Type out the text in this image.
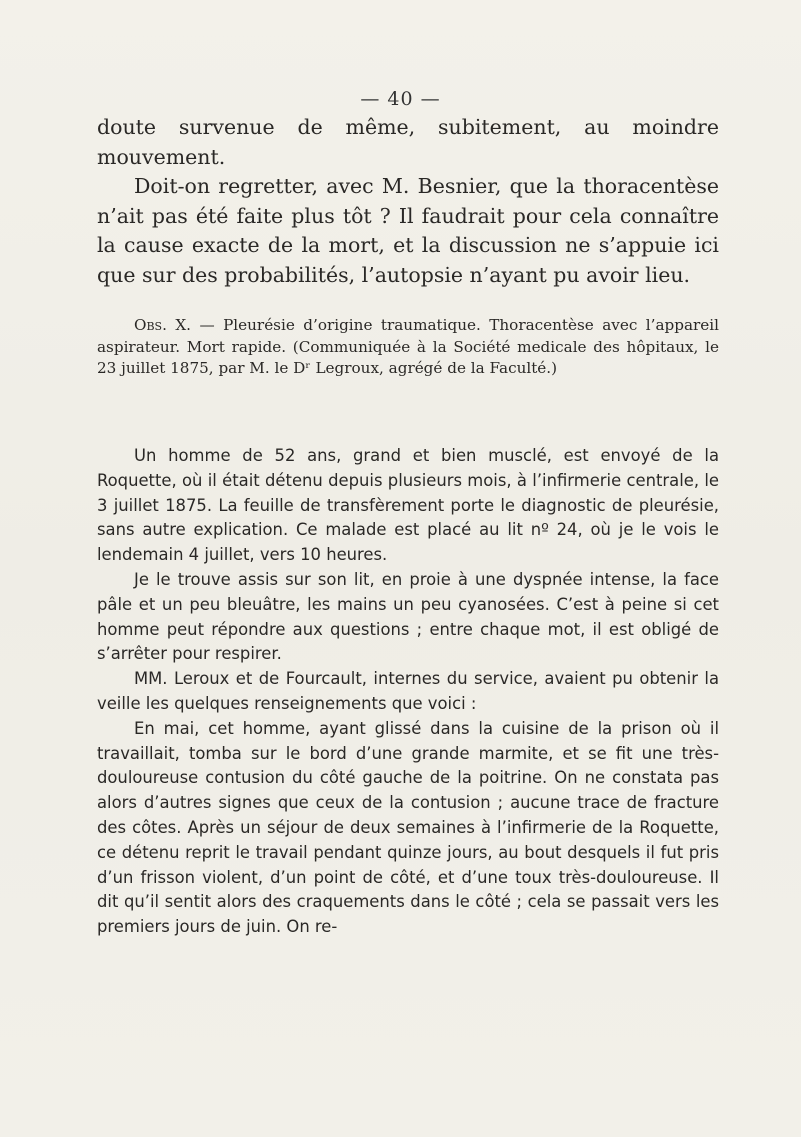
— 40 —

doute survenue de même, subitement, au moindre mouvement.

Doit-on regretter, avec M. Besnier, que la thoracentèse n’ait pas été faite plus tôt ? Il faudrait pour cela connaître la cause exacte de la mort, et la discussion ne s’appuie ici que sur des probabilités, l’autopsie n’ayant pu avoir lieu.

Obs. X. — Pleurésie d’origine traumatique. Thoracentèse avec l’appareil aspirateur. Mort rapide. (Communiquée à la Société medicale des hôpitaux, le 23 juillet 1875, par M. le Dʳ Legroux, agrégé de la Faculté.)

Un homme de 52 ans, grand et bien musclé, est envoyé de la Roquette, où il était détenu depuis plusieurs mois, à l’infirmerie centrale, le 3 juillet 1875. La feuille de transfèrement porte le diagnostic de pleurésie, sans autre explication. Ce malade est placé au lit nº 24, où je le vois le lendemain 4 juillet, vers 10 heures.

Je le trouve assis sur son lit, en proie à une dyspnée intense, la face pâle et un peu bleuâtre, les mains un peu cyanosées. C’est à peine si cet homme peut répondre aux questions ; entre chaque mot, il est obligé de s’arrêter pour respirer.

MM. Leroux et de Fourcault, internes du service, avaient pu obtenir la veille les quelques renseignements que voici :

En mai, cet homme, ayant glissé dans la cuisine de la prison où il travaillait, tomba sur le bord d’une grande marmite, et se fit une très-douloureuse contusion du côté gauche de la poitrine. On ne constata pas alors d’autres signes que ceux de la contusion ; aucune trace de fracture des côtes. Après un séjour de deux semaines à l’infirmerie de la Roquette, ce détenu reprit le travail pendant quinze jours, au bout desquels il fut pris d’un frisson violent, d’un point de côté, et d’une toux très-douloureuse. Il dit qu’il sentit alors des craquements dans le côté ; cela se passait vers les premiers jours de juin. On re-
